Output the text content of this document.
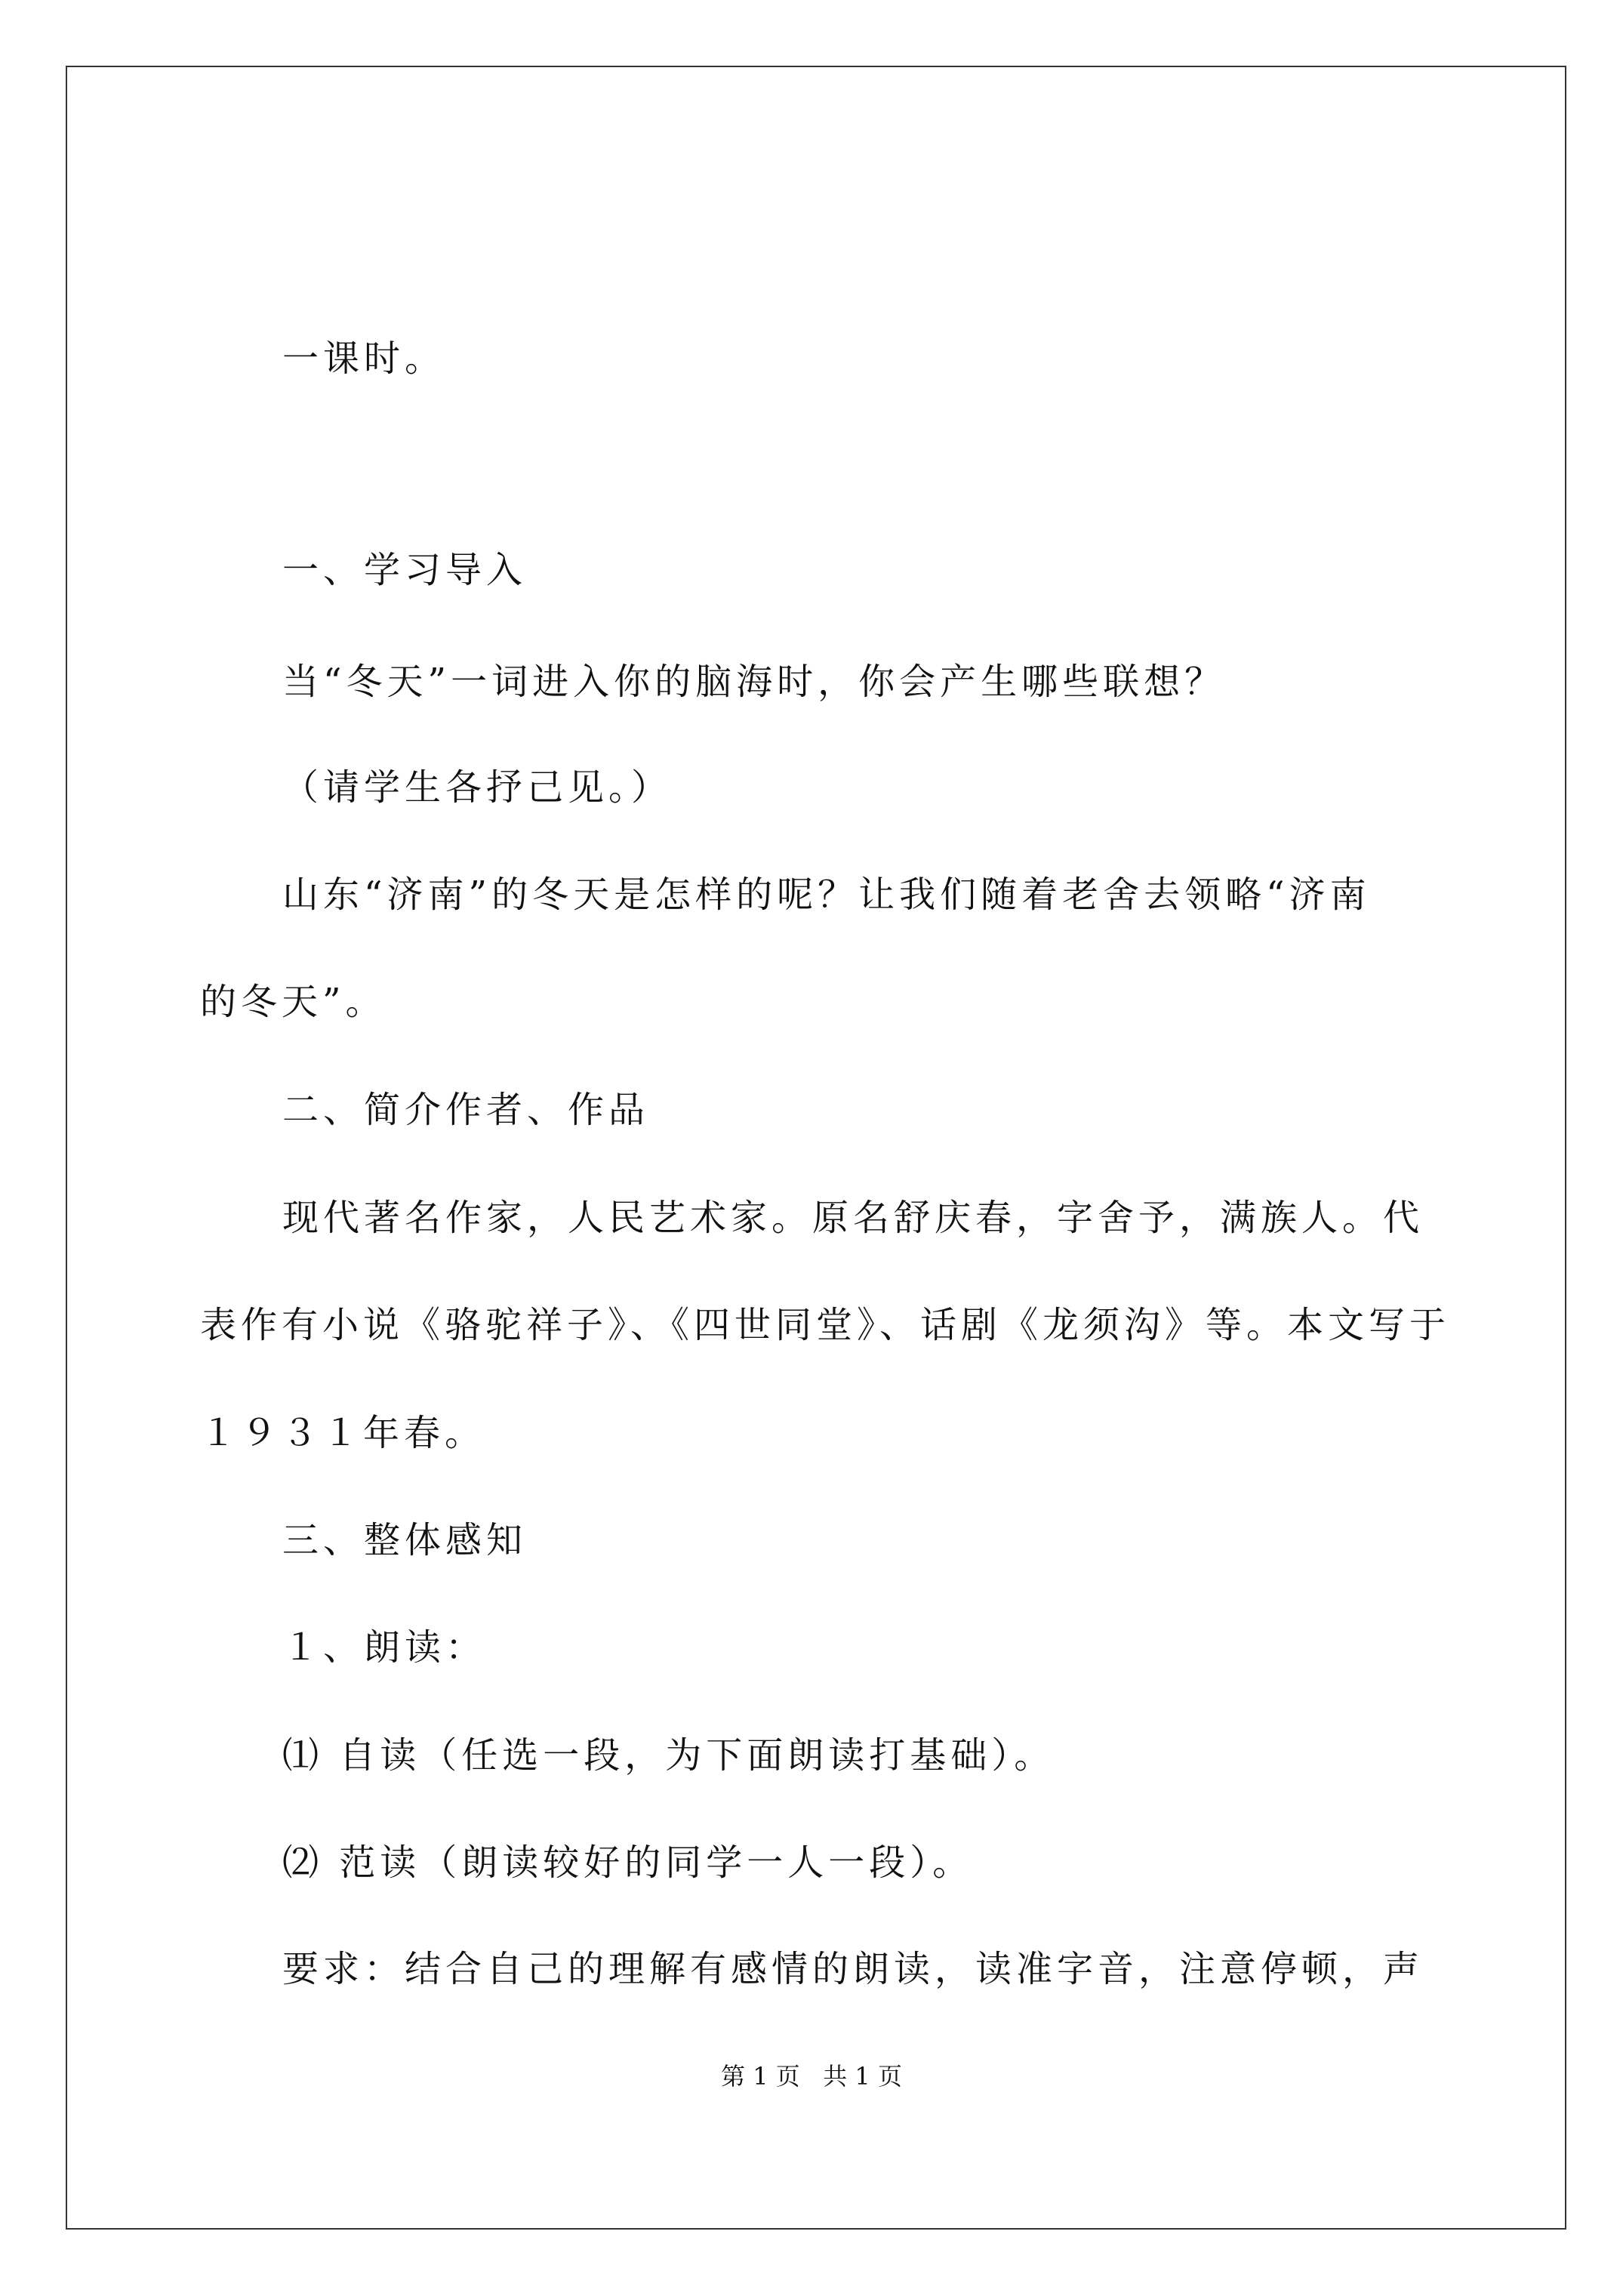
一课时。
一、学习导入
当“冬天”一词进入你的脑海时，你会产生哪些联想？
（请学生各抒己见。）
山东“济南”的冬天是怎样的呢？让我们随着老舍去领略“济南
的冬天”。
二、简介作者、作品
现代著名作家，人民艺术家。原名舒庆春，字舍予，满族人。代
表作有小说《骆驼祥子》、《四世同堂》、话剧《龙须沟》等。本文写于
１９３１年春。
三、整体感知
１、朗读：
⑴ 自读（任选一段，为下面朗读打基础）。
⑵ 范读（朗读较好的同学一人一段）。
要求：结合自己的理解有感情的朗读，读准字音，注意停顿，声
第 1 页 共 1 页
